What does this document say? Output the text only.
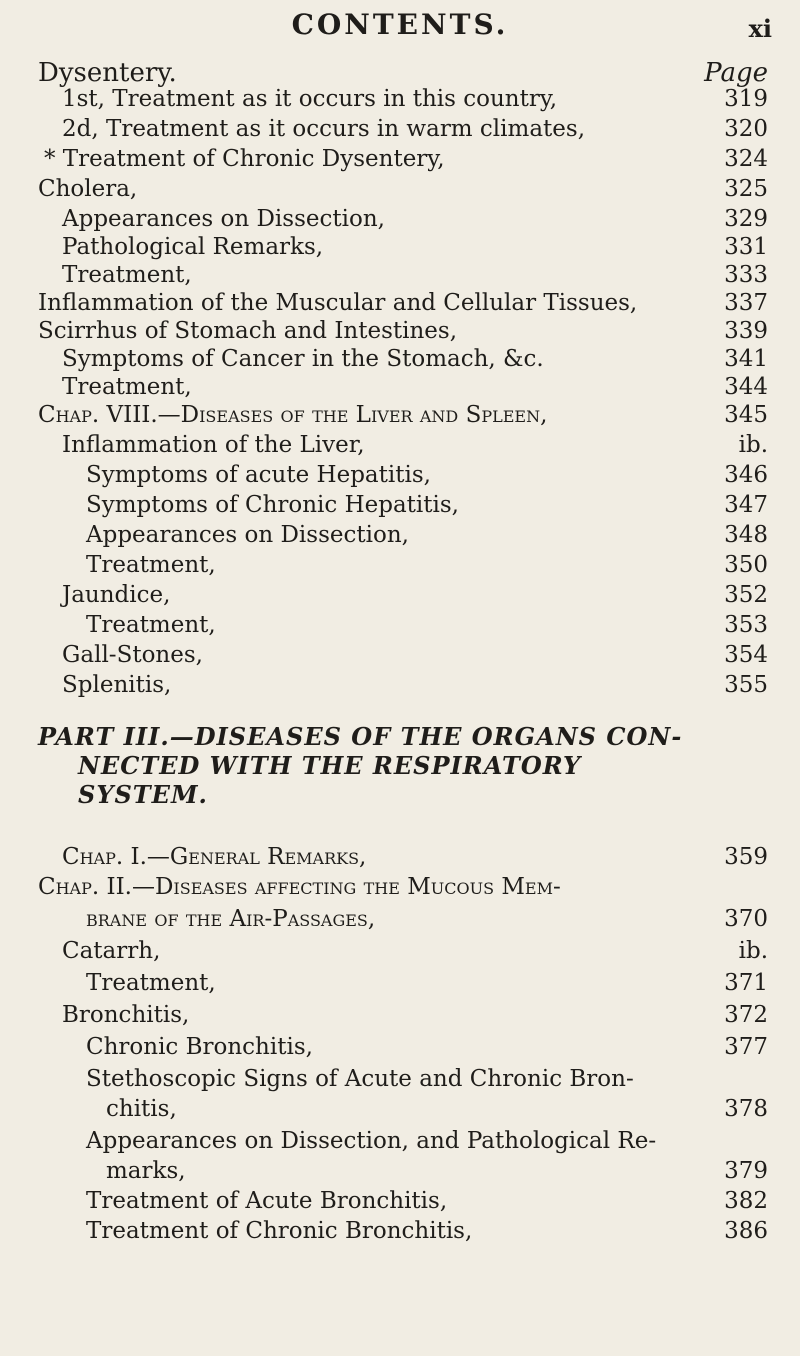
CONTENTS.	xi
Dysentery.	Page
1st, Treatment as it occurs in this country,	319
2d, Treatment as it occurs in warm climates,	320
* Treatment of Chronic Dysentery,	324
Cholera,	325
Appearances on Dissection,	329
Pathological Remarks,	331
Treatment,	333
Inflammation of the Muscular and Cellular Tissues,	337
Scirrhus of Stomach and Intestines,	339
Symptoms of Cancer in the Stomach, &c.	341
Treatment,	344
Chap. VIII.—Diseases of the Liver and Spleen,	345
Inflammation of the Liver,	ib.
Symptoms of acute Hepatitis,	346
Symptoms of Chronic Hepatitis,	347
Appearances on Dissection,	348
Treatment,	350
Jaundice,	352
Treatment,	353
Gall-Stones,	354
Splenitis,	355
PART III.—DISEASES OF THE ORGANS CON-
NECTED WITH THE RESPIRATORY
SYSTEM.
Chap. I.—General Remarks,	359
Chap. II.—Diseases affecting the Mucous Mem-
brane of the Air-Passages,	370
Catarrh,	ib.
Treatment,	371
Bronchitis,	372
Chronic Bronchitis,	377
Stethoscopic Signs of Acute and Chronic Bron-
chitis,	378
Appearances on Dissection, and Pathological Re-
marks,	379
Treatment of Acute Bronchitis,	382
Treatment of Chronic Bronchitis,	386
